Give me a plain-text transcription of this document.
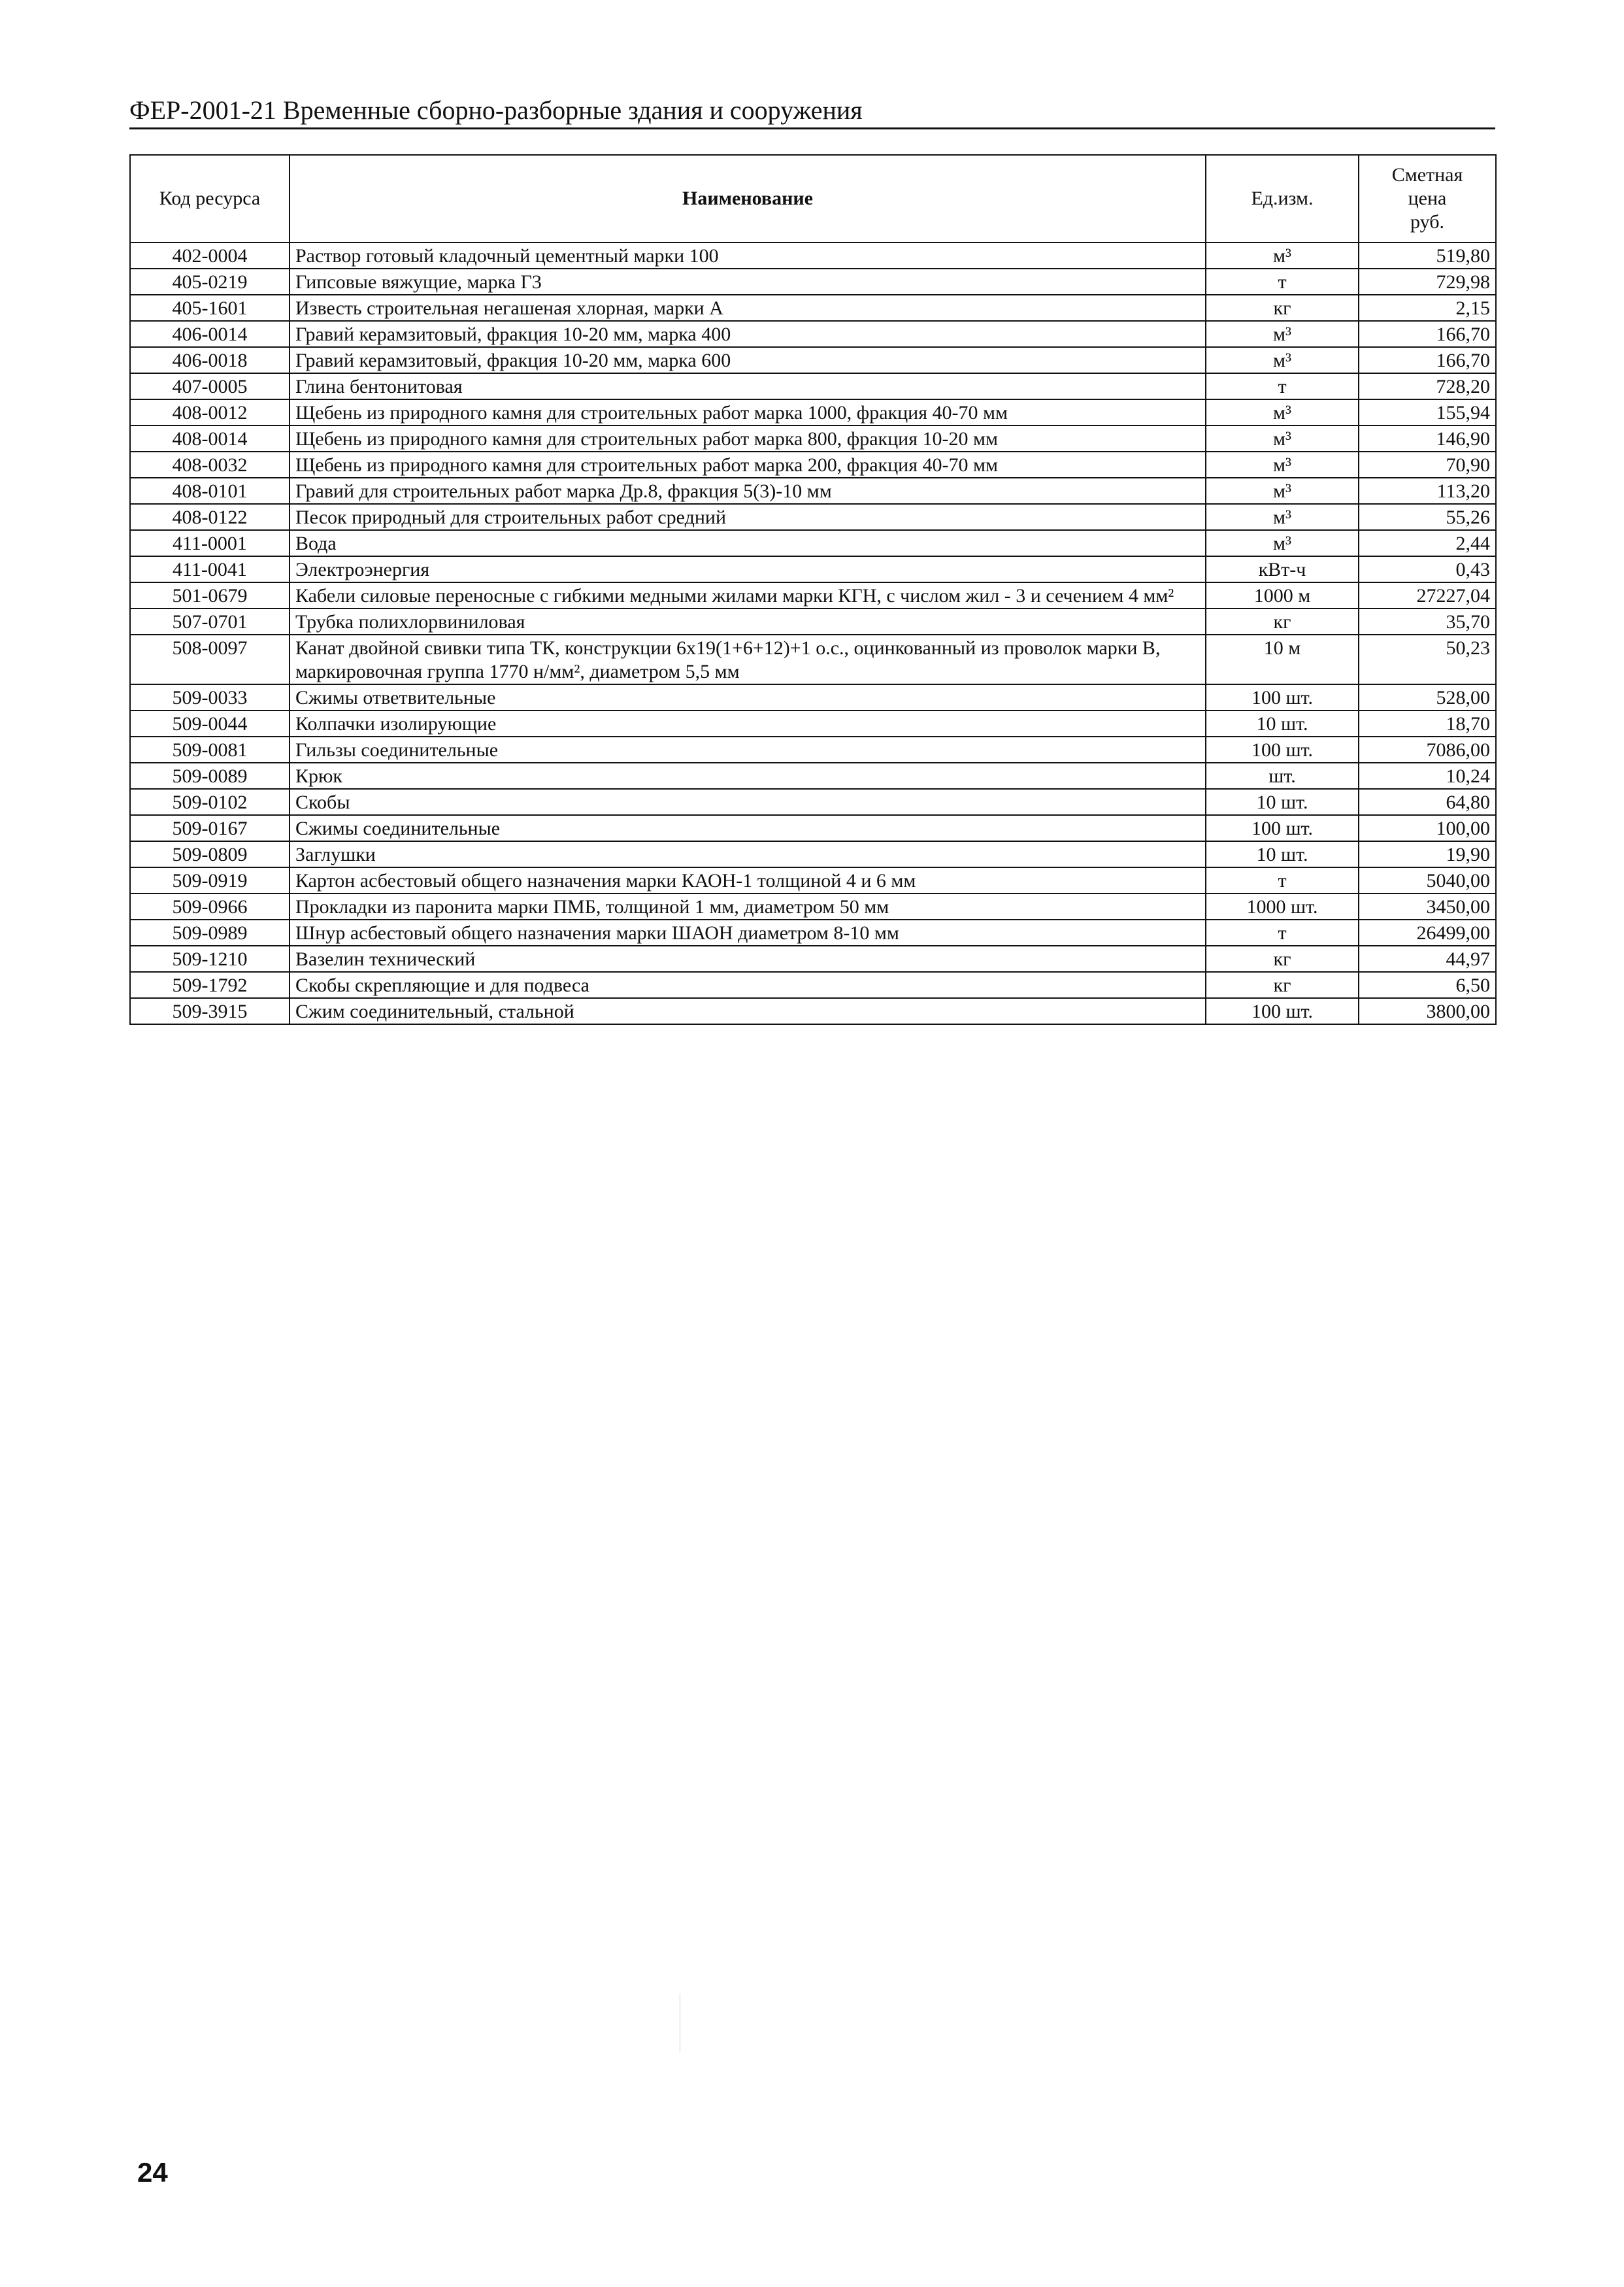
ФЕР-2001-21 Временные сборно-разборные здания и сооружения
Код ресурса	Наименование	Ед.изм.	Сметная
цена
руб.
402-0004	Раствор готовый кладочный цементный марки 100	м³	519,80
405-0219	Гипсовые вяжущие, марка Г3	т	729,98
405-1601	Известь строительная негашеная хлорная, марки А	кг	2,15
406-0014	Гравий керамзитовый, фракция 10-20 мм, марка 400	м³	166,70
406-0018	Гравий керамзитовый, фракция 10-20 мм, марка 600	м³	166,70
407-0005	Глина бентонитовая	т	728,20
408-0012	Щебень из природного камня для строительных работ марка 1000, фракция 40-70 мм	м³	155,94
408-0014	Щебень из природного камня для строительных работ марка 800, фракция 10-20 мм	м³	146,90
408-0032	Щебень из природного камня для строительных работ марка 200, фракция 40-70 мм	м³	70,90
408-0101	Гравий для строительных работ марка Др.8, фракция 5(3)-10 мм	м³	113,20
408-0122	Песок природный для строительных работ средний	м³	55,26
411-0001	Вода	м³	2,44
411-0041	Электроэнергия	кВт-ч	0,43
501-0679	Кабели силовые переносные с гибкими медными жилами марки КГН, с числом жил - 3 и сечением 4 мм²	1000 м	27227,04
507-0701	Трубка полихлорвиниловая	кг	35,70
508-0097	Канат двойной свивки типа ТК, конструкции 6х19(1+6+12)+1 о.с., оцинкованный из проволок марки В, маркировочная группа 1770 н/мм², диаметром 5,5 мм	10 м	50,23
509-0033	Сжимы ответвительные	100 шт.	528,00
509-0044	Колпачки изолирующие	10 шт.	18,70
509-0081	Гильзы соединительные	100 шт.	7086,00
509-0089	Крюк	шт.	10,24
509-0102	Скобы	10 шт.	64,80
509-0167	Сжимы соединительные	100 шт.	100,00
509-0809	Заглушки	10 шт.	19,90
509-0919	Картон асбестовый общего назначения марки КАОН-1 толщиной 4 и 6 мм	т	5040,00
509-0966	Прокладки из паронита марки ПМБ, толщиной 1 мм, диаметром 50 мм	1000 шт.	3450,00
509-0989	Шнур асбестовый общего назначения марки ШАОН диаметром 8-10 мм	т	26499,00
509-1210	Вазелин технический	кг	44,97
509-1792	Скобы скрепляющие и для подвеса	кг	6,50
509-3915	Сжим соединительный, стальной	100 шт.	3800,00
24
